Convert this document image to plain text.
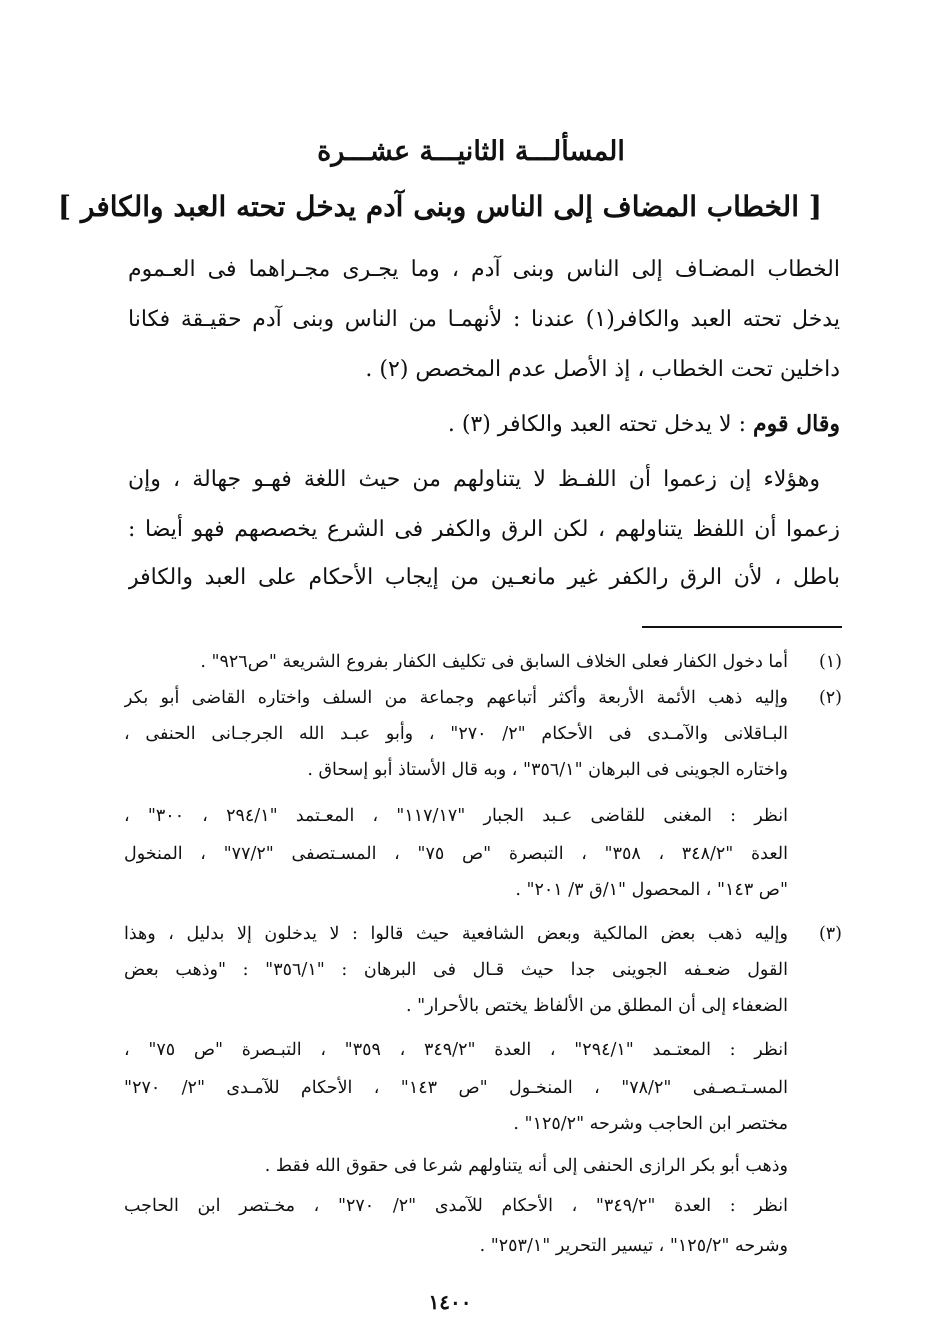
المسألـــة الثانيـــة عشـــرة
[ الخطاب المضاف إلى الناس وبنى آدم يدخل تحته العبد والكافر ]
الخطاب المضـاف إلى الناس وبنى آدم ، وما يجـرى مجـراهما فى العـموم
يدخل تحته العبد والكافر(١) عندنا : لأنهمـا من الناس وبنى آدم حقيـقة فكانا
داخلين تحت الخطاب ، إذ الأصل عدم المخصص (٢) .
وقال قوم : لا يدخل تحته العبد والكافر (٣) .
وهؤلاء إن زعموا أن اللفـظ لا يتناولهم من حيث اللغة فهـو جهالة ، وإن
زعموا أن اللفظ يتناولهم ، لكن الرق والكفر فى الشرع يخصصهم فهو أيضا :
باطل ، لأن الرق رالكفر غير مانعـين من إيجاب الأحكام على العبد والكافر
(١)
أما دخول الكفار فعلى الخلاف السابق فى تكليف الكفار بفروع الشريعة "ص٩٢٦" .
(٢)
وإليه ذهب الأئمة الأربعة وأكثر أتباعهم وجماعة من السلف واختاره القاضى أبو بكر
البـاقلانى والآمـدى فى الأحكام "٢/ ٢٧٠" ، وأبو عبـد الله الجرجـانى الحنفى ،
واختاره الجوينى فى البرهان "٣٥٦/١" ، وبه قال الأستاذ أبو إسحاق .
انظر : المغنى للقاضى عـبد الجبار "١١٧/١٧" ، المعـتمد "٢٩٤/١ ، ٣٠٠" ،
العدة "٣٤٨/٢ ، ٣٥٨" ، التبصرة "ص ٧٥" ، المسـتصفى "٧٧/٢" ، المنخول
"ص ١٤٣" ، المحصول "١/ق ٣/ ٢٠١" .
(٣)
وإليه ذهب بعض المالكية وبعض الشافعية حيث قالوا : لا يدخلون إلا بدليل ، وهذا
القول ضعـفه الجوينى جدا حيث قـال فى البرهان : "٣٥٦/١" : "وذهب بعض
الضعفاء إلى أن المطلق من الألفاظ يختص بالأحرار" .
انظر : المعتـمد "٢٩٤/١" ، العدة "٣٤٩/٢ ، ٣٥٩" ، التبـصرة "ص ٧٥" ،
المسـتـصـفى "٧٨/٢" ، المنخـول "ص ١٤٣" ، الأحكام للآمـدى "٢/ ٢٧٠"
مختصر ابن الحاجب وشرحه "١٢٥/٢" .
وذهب أبو بكر الرازى الحنفى إلى أنه يتناولهم شرعا فى حقوق الله فقط .
انظر : العدة "٣٤٩/٢" ، الأحكام للآمدى "٢/ ٢٧٠" ، مخـتصر ابن الحاجب
وشرحه "١٢٥/٢" ، تيسير التحرير "٢٥٣/١" .
١٤٠٠
